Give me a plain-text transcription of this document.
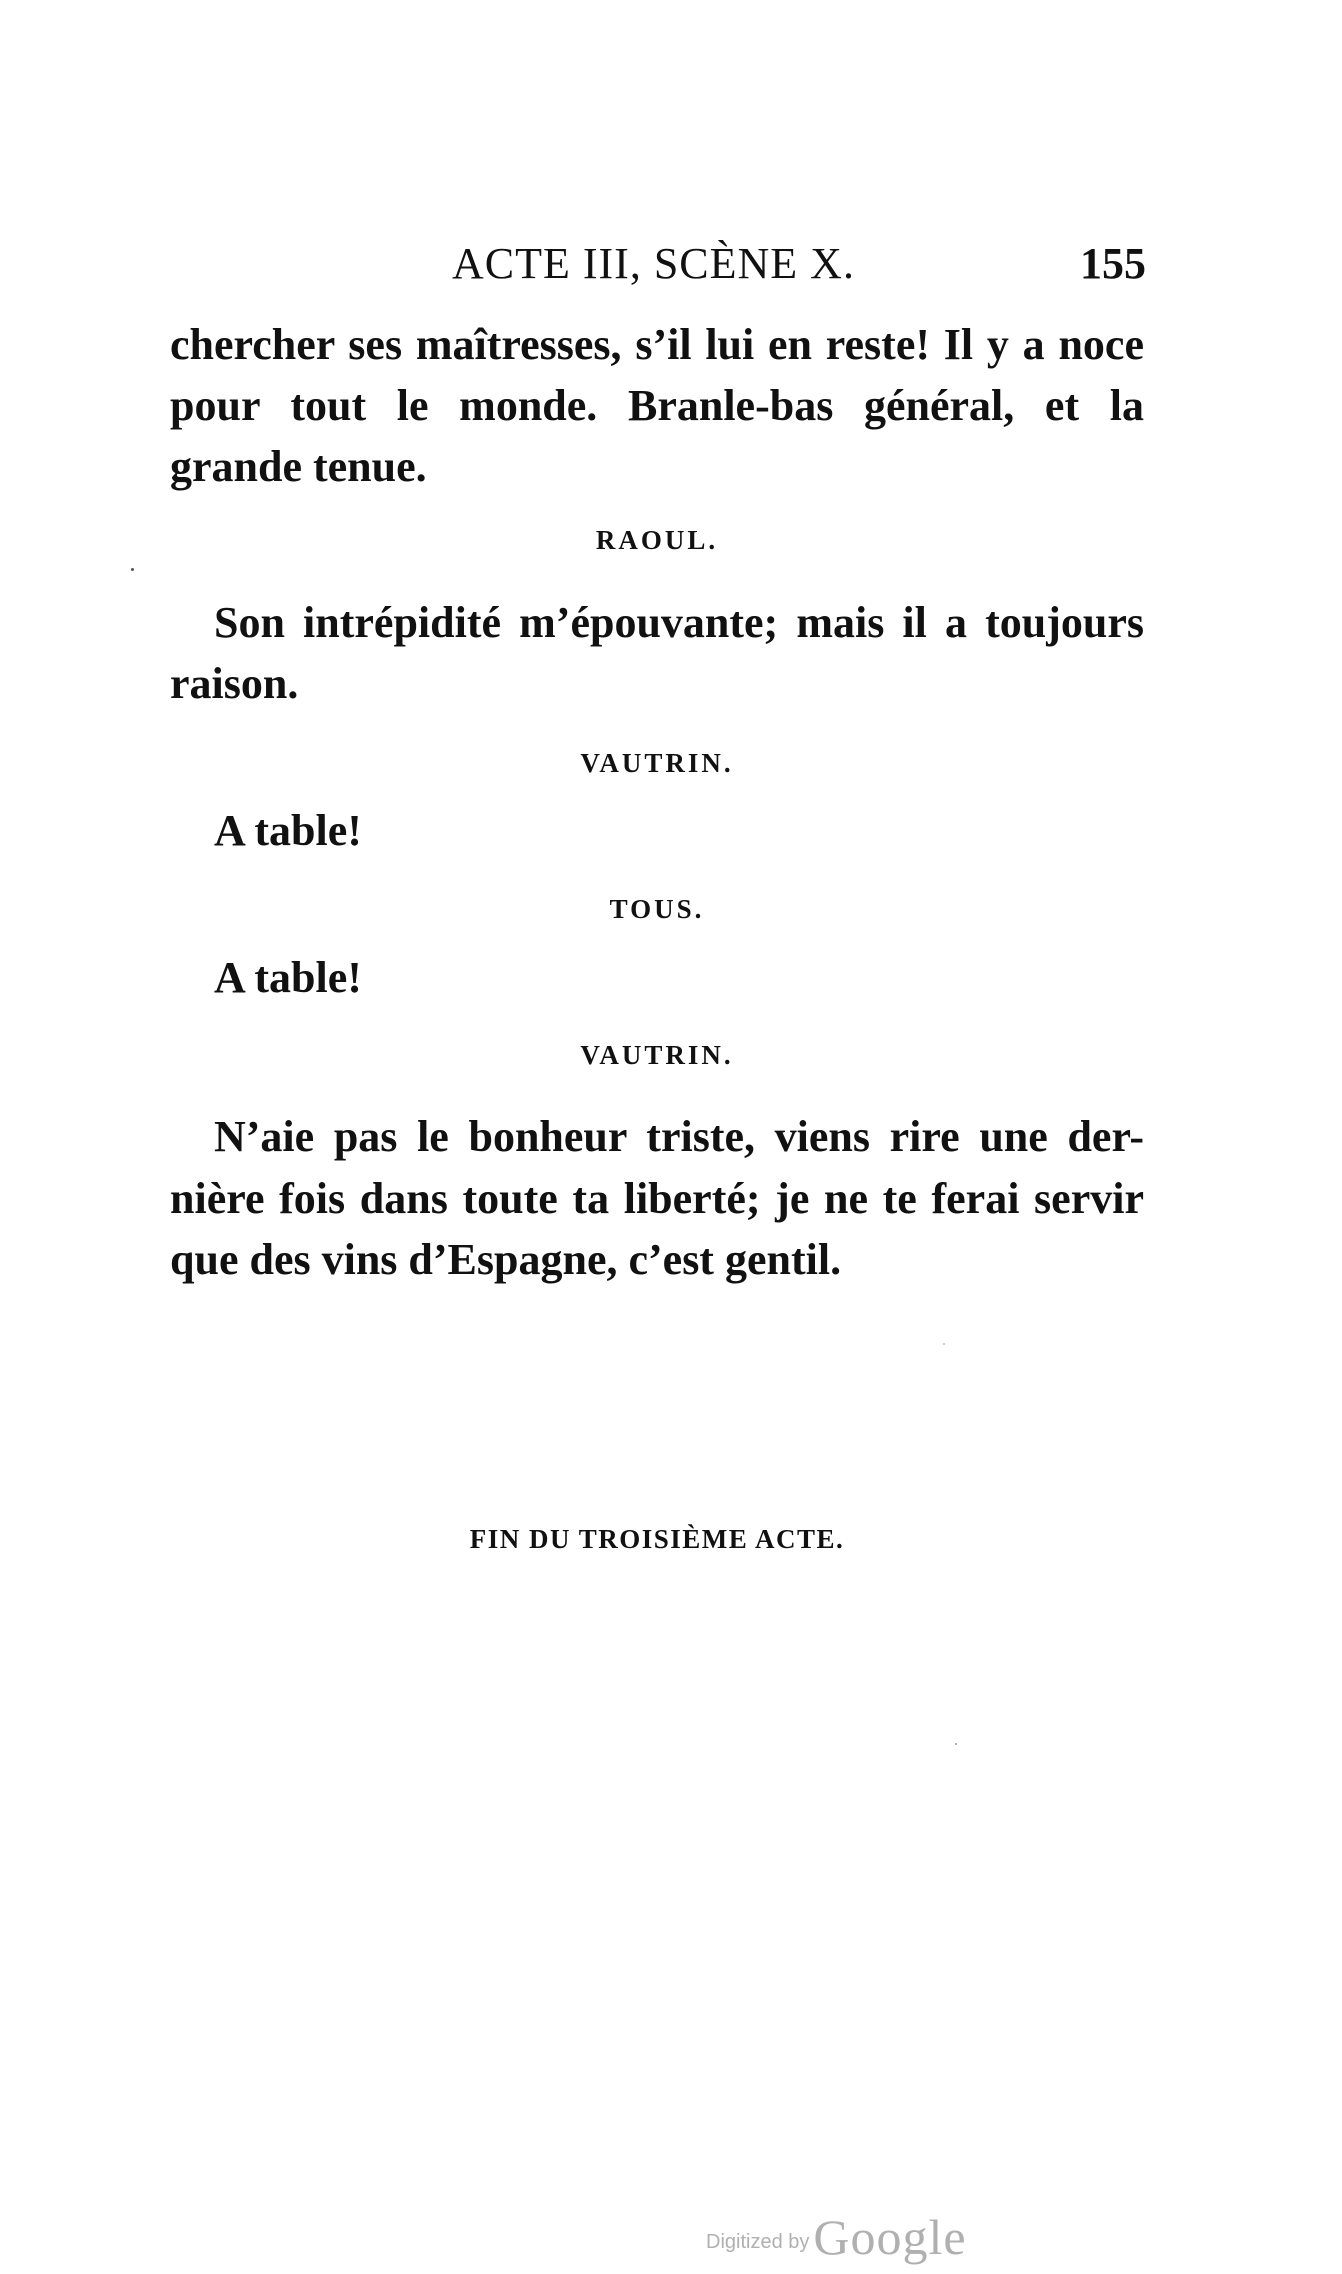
ACTE III, SCÈNE X.	155
chercher ses maîtresses, s’il lui en reste! Il y a noce
pour tout le monde. Branle-bas général, et la
grande tenue.
RAOUL.
Son intrépidité m’épouvante; mais il a toujours
raison.
VAUTRIN.
A table!
TOUS.
A table!
VAUTRIN.
N’aie pas le bonheur triste, viens rire une der-
nière fois dans toute ta liberté; je ne te ferai servir
que des vins d’Espagne, c’est gentil.
FIN DU TROISIÈME ACTE.
Digitized byGoogle
